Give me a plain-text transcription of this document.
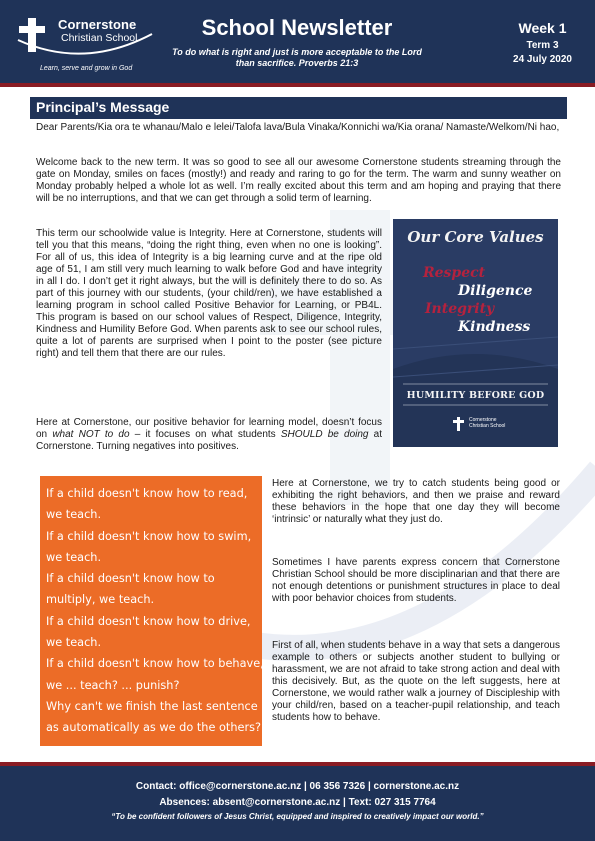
Cornerstone
Christian School
Learn, serve and grow in God
School Newsletter
To do what is right and just is more acceptable to the Lord than sacrifice. Proverbs 21:3
Week 1
Term 3
24 July 2020
Principal’s Message

Dear Parents/Kia ora te whanau/Malo e lelei/Talofa lava/Bula Vinaka/Konnichi wa/Kia orana/ Namaste/Welkom/Ni hao,

Welcome back to the new term. It was so good to see all our awesome Cornerstone students streaming through the gate on Monday, smiles on faces (mostly!) and ready and raring to go for the term. The warm and sunny weather on Monday probably helped a whole lot as well. I’m really excited about this term and am hoping and praying that there will be no interruptions, and that we can get through a solid term of learning.

This term our schoolwide value is Integrity. Here at Cornerstone, students will tell you that this means, “doing the right thing, even when no one is looking”. For all of us, this idea of Integrity is a big learning curve and at the ripe old age of 51, I am still very much learning to walk before God and have integrity in all I do. I don’t get it right always, but the will is definitely there to do so. As part of this journey with our students, (your child/ren), we have established a learning program in school called Positive Behavior for Learning, or PB4L. This program is based on our school values of Respect, Diligence, Integrity, Kindness and Humility Before God. When parents ask to see our school rules, quite a lot of parents are surprised when I point to the poster (see picture right) and tell them that there are our rules.

Here at Cornerstone, our positive behavior for learning model, doesn’t focus on what NOT to do – it focuses on what students SHOULD be doing at Cornerstone. Turning negatives into positives.

Here at Cornerstone, we try to catch students being good or exhibiting the right behaviors, and then we praise and reward these behaviors in the hope that one day they will become ‘intrinsic’ or naturally what they just do.

Sometimes I have parents express concern that Cornerstone Christian School should be more disciplinarian and that there are not enough detentions or punishment structures in place to deal with poor behavior choices from students.

First of all, when students behave in a way that sets a dangerous example to others or subjects another student to bullying or harassment, we are not afraid to take strong action and deal with this decisively. But, as the quote on the left suggests, here at Cornerstone, we would rather walk a journey of Discipleship with your child/ren, based on a teacher-pupil relationship, and teach students how to behave.

Our Core Values
Respect
Diligence
Integrity
Kindness
HUMILITY BEFORE GOD
Cornerstone
Christian School
If a child doesn't know how to read,
we teach.
If a child doesn't know how to swim,
we teach.
If a child doesn't know how to
multiply, we teach.
If a child doesn't know how to drive,
we teach.
If a child doesn't know how to behave,
we ... teach? ... punish?
Why can't we finish the last sentence
as automatically as we do the others?
Contact: office@cornerstone.ac.nz | 06 356 7326 | cornerstone.ac.nz
Absences: absent@cornerstone.ac.nz | Text: 027 315 7764
“To be confident followers of Jesus Christ, equipped and inspired to creatively impact our world.”
